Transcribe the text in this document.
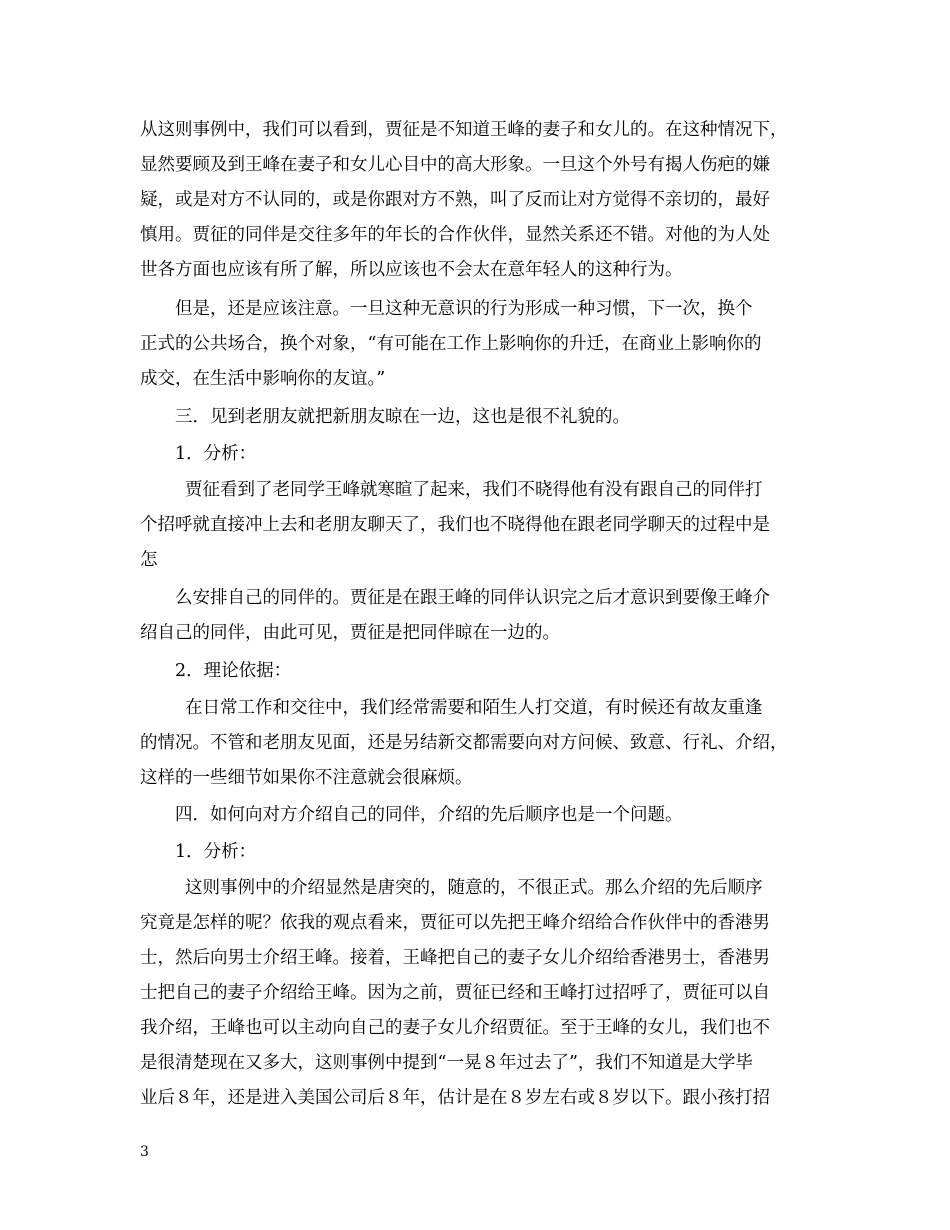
从这则事例中，我们可以看到，贾征是不知道王峰的妻子和女儿的。在这种情况下，

显然要顾及到王峰在妻子和女儿心目中的高大形象。一旦这个外号有揭人伤疤的嫌

疑，或是对方不认同的，或是你跟对方不熟，叫了反而让对方觉得不亲切的，最好

慎用。贾征的同伴是交往多年的年长的合作伙伴，显然关系还不错。对他的为人处

世各方面也应该有所了解，所以应该也不会太在意年轻人的这种行为。

但是，还是应该注意。一旦这种无意识的行为形成一种习惯，下一次，换个

正式的公共场合，换个对象，“有可能在工作上影响你的升迁，在商业上影响你的

成交，在生活中影响你的友谊。”

三．见到老朋友就把新朋友晾在一边，这也是很不礼貌的。

1．分析：

贾征看到了老同学王峰就寒暄了起来，我们不晓得他有没有跟自己的同伴打

个招呼就直接冲上去和老朋友聊天了，我们也不晓得他在跟老同学聊天的过程中是

怎

么安排自己的同伴的。贾征是在跟王峰的同伴认识完之后才意识到要像王峰介

绍自己的同伴，由此可见，贾征是把同伴晾在一边的。

2．理论依据：

在日常工作和交往中，我们经常需要和陌生人打交道，有时候还有故友重逢

的情况。不管和老朋友见面，还是另结新交都需要向对方问候、致意、行礼、介绍，

这样的一些细节如果你不注意就会很麻烦。

四．如何向对方介绍自己的同伴，介绍的先后顺序也是一个问题。

1．分析：

这则事例中的介绍显然是唐突的，随意的，不很正式。那么介绍的先后顺序

究竟是怎样的呢？依我的观点看来，贾征可以先把王峰介绍给合作伙伴中的香港男

士，然后向男士介绍王峰。接着，王峰把自己的妻子女儿介绍给香港男士，香港男

士把自己的妻子介绍给王峰。因为之前，贾征已经和王峰打过招呼了，贾征可以自

我介绍，王峰也可以主动向自己的妻子女儿介绍贾征。至于王峰的女儿，我们也不

是很清楚现在又多大，这则事例中提到“一晃８年过去了”，我们不知道是大学毕

业后８年，还是进入美国公司后８年，估计是在８岁左右或８岁以下。跟小孩打招

3
